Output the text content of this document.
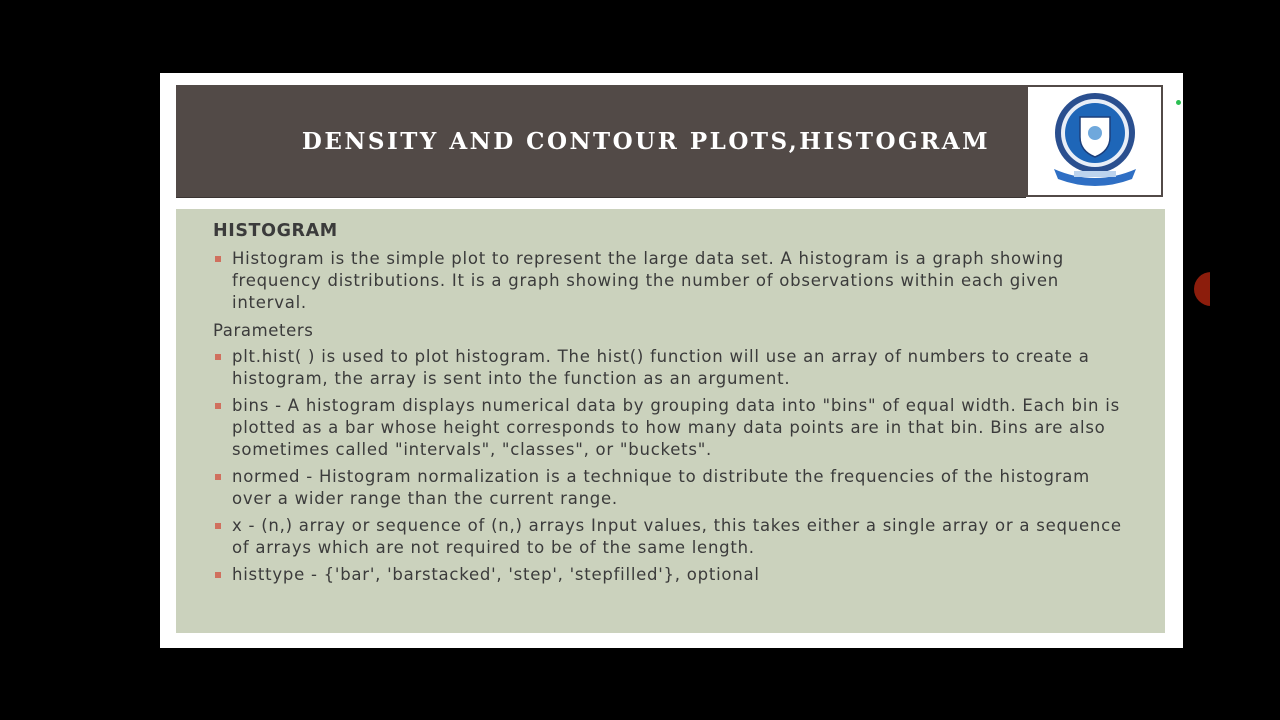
DENSITY AND CONTOUR PLOTS,HISTOGRAM
HISTOGRAM
Histogram is the simple plot to represent the large data set. A histogram is a graph showing frequency distributions. It is a graph showing the number of observations within each given interval.
Parameters
plt.hist( ) is used to plot histogram. The hist() function will use an array of numbers to create a histogram, the array is sent into the function as an argument.
bins - A histogram displays numerical data by grouping data into "bins" of equal width. Each bin is plotted as a bar whose height corresponds to how many data points are in that bin. Bins are also sometimes called "intervals", "classes", or "buckets".
normed - Histogram normalization is a technique to distribute the frequencies of the histogram over a wider range than the current range.
x - (n,) array or sequence of (n,) arrays Input values, this takes either a single array or a sequence of arrays which are not required to be of the same length.
histtype - {'bar', 'barstacked', 'step', 'stepfilled'}, optional
